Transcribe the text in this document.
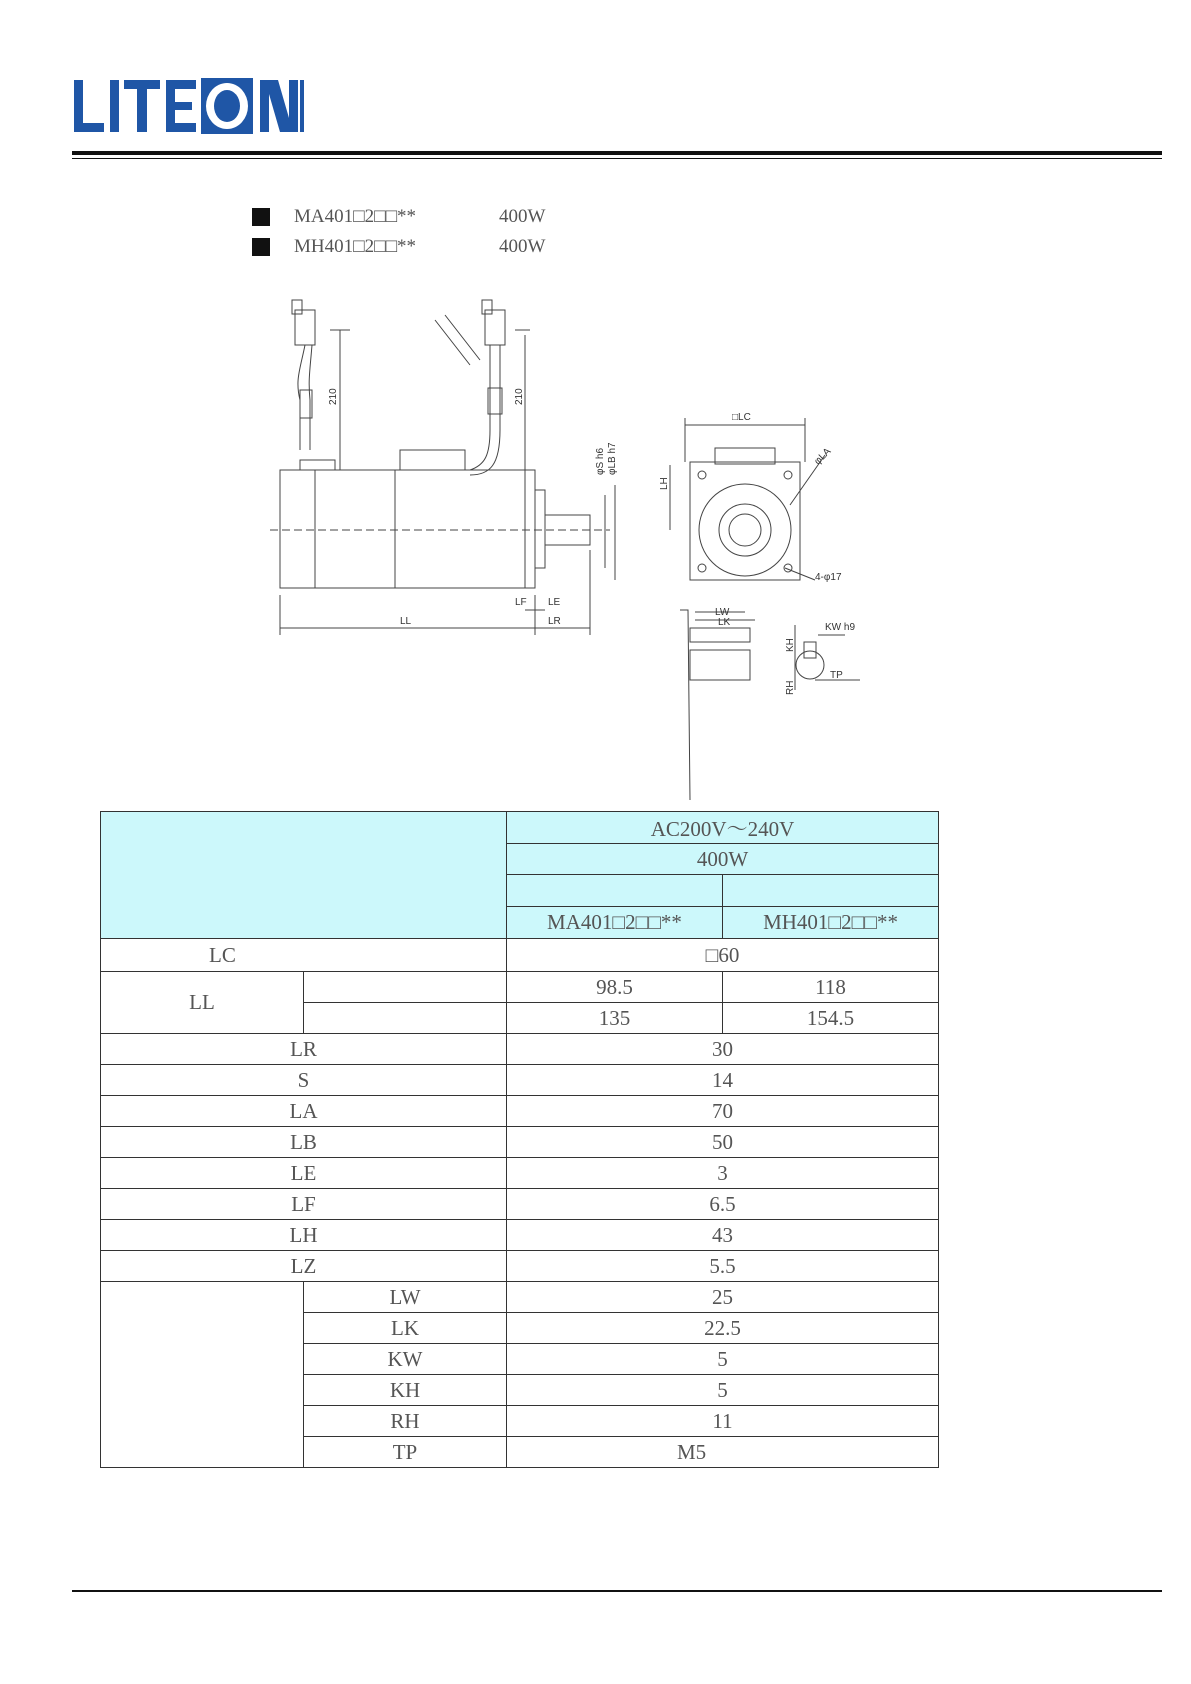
MA401□2□□**	400W
MH401□2□□**	400W
210	210
□LC
LH
φLA
φS h6 φLB h7
4-φ17
LF LE
LL	LR
LW
LK
KH
KW h9
RH
TP
		AC200V～240V	
		400W	

		MA401□2□□**	MH401□2□□**
LC		□60	
LL		98.5	118
		135	154.5
LR		30	
S		14	
LA		70	
LB		50	
LE		3	
LF		6.5	
LH		43	
LZ		5.5	
	LW	25	
	LK	22.5	
	KW	5	
	KH	5	
	RH	11	
	TP	M5	
